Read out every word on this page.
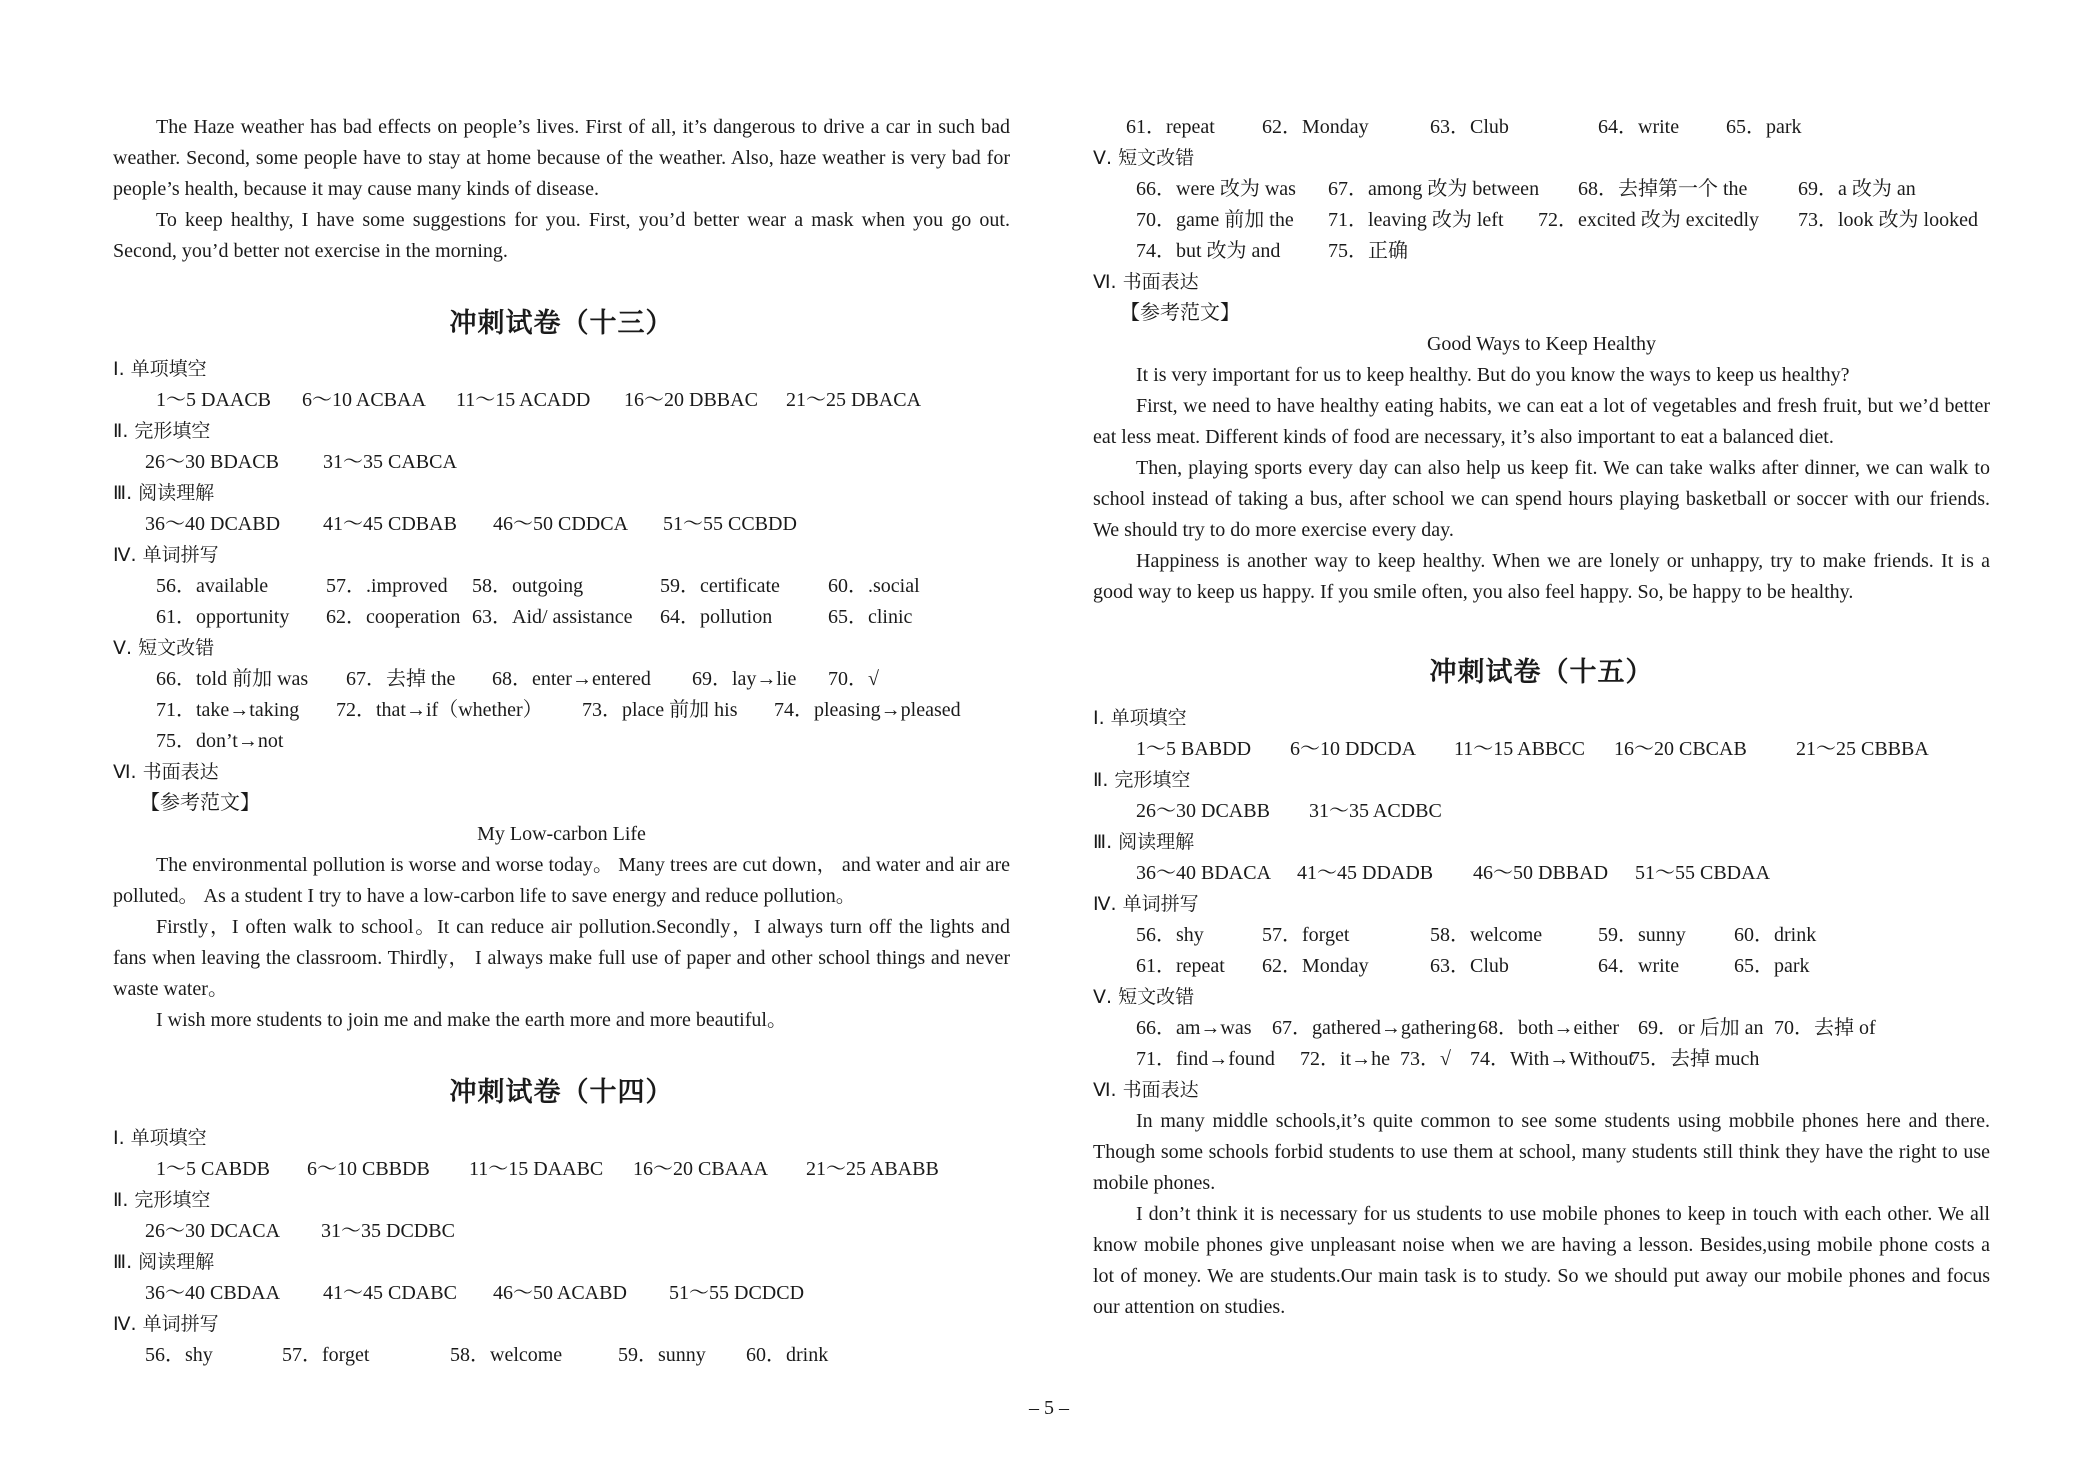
The Haze weather has bad effects on people’s lives. First of all, it’s dangerous to drive a car in such bad weather. Second, some people have to stay at home because of the weather. Also, haze weather is very bad for people’s health, because it may cause many kinds of disease.

To keep healthy, I have some suggestions for you. First, you’d better wear a mask when you go out. Second, you’d better not exercise in the morning.

冲刺试卷（十三）

Ⅰ. 单项填空

1～5 DAACB 6～10 ACBAA 11～15 ACADD 16～20 DBBAC 21～25 DBACA

Ⅱ. 完形填空

26～30 BDACB 31～35 CABCA

Ⅲ. 阅读理解

36～40 DCABD 41～45 CDBAB 46～50 CDDCA 51～55 CCBDD

Ⅳ. 单词拼写

56．available	57．.improved 58．outgoing	59．certificate 60．.social

61．opportunity 62．cooperation 63．Aid/ assistance 64．pollution	65．clinic

Ⅴ. 短文改错

66．told 前加 was 67．去掉 the 68．enter→entered 69．lay→lie 70．√

71．take→taking 72．that→if（whether） 73．place 前加 his 74．pleasing→pleased

75．don’t→not

Ⅵ. 书面表达

【参考范文】

My Low-carbon Life

The environmental pollution is worse and worse today。 Many trees are cut down， and water and air are polluted。 As a student I try to have a low-carbon life to save energy and reduce pollution。

Firstly，I often walk to school。It can reduce air pollution.Secondly，I always turn off the lights and fans when leaving the classroom. Thirdly， I always make full use of paper and other school things and never waste water。

I wish more students to join me and make the earth more and more beautiful。

冲刺试卷（十四）

Ⅰ. 单项填空

1～5 CABDB 6～10 CBBDB 11～15 DAABC 16～20 CBAAA 21～25 ABABB

Ⅱ. 完形填空

26～30 DCACA 31～35 DCDBC

Ⅲ. 阅读理解

36～40 CBDAA 41～45 CDABC 46～50 ACABD 51～55 DCDCD

Ⅳ. 单词拼写

56．shy	57．forget	58．welcome	59．sunny 60．drink

61．repeat 62．Monday	63．Club	64．write 65．park

Ⅴ. 短文改错

66．were 改为 was 67．among 改为 between 68．去掉第一个 the	69．a 改为 an

70．game 前加 the 71．leaving 改为 left 72．excited 改为 excitedly 73．look 改为 looked

74．but 改为 and 75．正确

Ⅵ. 书面表达

【参考范文】

Good Ways to Keep Healthy

It is very important for us to keep healthy. But do you know the ways to keep us healthy?

First, we need to have healthy eating habits, we can eat a lot of vegetables and fresh fruit, but we’d better eat less meat. Different kinds of food are necessary, it’s also important to eat a balanced diet.

Then, playing sports every day can also help us keep fit. We can take walks after dinner, we can walk to school instead of taking a bus, after school we can spend hours playing basketball or soccer with our friends. We should try to do more exercise every day.

Happiness is another way to keep healthy. When we are lonely or unhappy, try to make friends. It is a good way to keep us happy. If you smile often, you also feel happy. So, be happy to be healthy.

冲刺试卷（十五）

Ⅰ. 单项填空

1～5 BABDD 6～10 DDCDA 11～15 ABBCC 16～20 CBCAB 21～25 CBBBA

Ⅱ. 完形填空

26～30 DCABB 31～35 ACDBC

Ⅲ. 阅读理解

36～40 BDACA 41～45 DDADB 46～50 DBBAD 51～55 CBDAA

Ⅳ. 单词拼写

56．shy	57．forget	58．welcome	59．sunny 60．drink

61．repeat 62．Monday	63．Club	64．write	65．park

Ⅴ. 短文改错

66．am→was 67．gathered→gathering68．both→either 69．or 后加 an 70．去掉 of

71．find→found 72．it→he 73．√ 74．With→Without75．去掉 much

Ⅵ. 书面表达

In many middle schools,it’s quite common to see some students using mobbile phones here and there. Though some schools forbid students to use them at school, many students still think they have the right to use mobile phones.

I don’t think it is necessary for us students to use mobile phones to keep in touch with each other. We all know mobile phones give unpleasant noise when we are having a lesson. Besides,using mobile phone costs a lot of money. We are students.Our main task is to study. So we should put away our mobile phones and focus our attention on studies.

– 5 –
